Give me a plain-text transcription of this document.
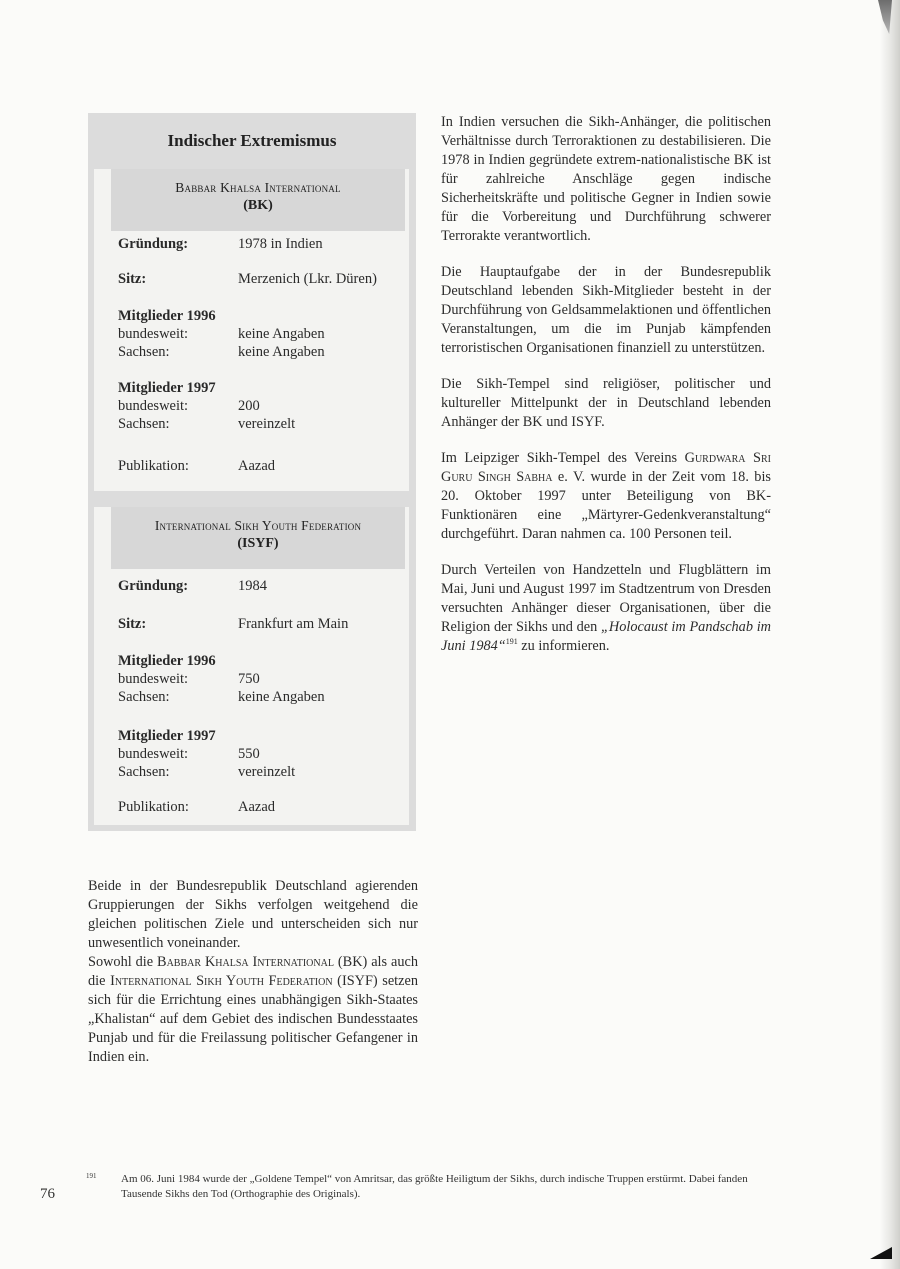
Indischer Extremismus
Babbar Khalsa International
(BK)
Gründung:	1978 in Indien
Sitz:	Merzenich (Lkr. Düren)
Mitglieder 1996
bundesweit:	keine Angaben
Sachsen:	keine Angaben
Mitglieder 1997
bundesweit:	200
Sachsen:	vereinzelt
Publikation:	Aazad
International Sikh Youth Federation
(ISYF)
Gründung:	1984
Sitz:	Frankfurt am Main
Mitglieder 1996
bundesweit:	750
Sachsen:	keine Angaben
Mitglieder 1997
bundesweit:	550
Sachsen:	vereinzelt
Publikation:	Aazad

In Indien versuchen die Sikh-Anhänger, die politischen Verhältnisse durch Terroraktionen zu destabilisieren. Die 1978 in Indien gegründete extrem-nationalistische BK ist für zahlreiche Anschläge gegen indische Sicherheitskräfte und politische Gegner in Indien sowie für die Vorbereitung und Durchführung schwerer Terrorakte verantwortlich.

Die Hauptaufgabe der in der Bundesrepublik Deutschland lebenden Sikh-Mitglieder besteht in der Durchführung von Geldsammelaktionen und öffentlichen Veranstaltungen, um die im Punjab kämpfenden terroristischen Organisationen finanziell zu unterstützen.

Die Sikh-Tempel sind religiöser, politischer und kultureller Mittelpunkt der in Deutschland lebenden Anhänger der BK und ISYF.

Im Leipziger Sikh-Tempel des Vereins Gurdwara Sri Guru Singh Sabha e. V. wurde in der Zeit vom 18. bis 20. Oktober 1997 unter Beteiligung von BK-Funktionären eine „Märtyrer-Gedenkveranstaltung“ durchgeführt. Daran nahmen ca. 100 Personen teil.

Durch Verteilen von Handzetteln und Flugblättern im Mai, Juni und August 1997 im Stadtzentrum von Dresden versuchten Anhänger dieser Organisationen, über die Religion der Sikhs und den „Holocaust im Pandschab im Juni 1984“$^{191}$ zu informieren.

Beide in der Bundesrepublik Deutschland agierenden Gruppierungen der Sikhs verfolgen weitgehend die gleichen politischen Ziele und unterscheiden sich nur unwesentlich voneinander.

Sowohl die Babbar Khalsa International (BK) als auch die International Sikh Youth Federation (ISYF) setzen sich für die Errichtung eines unabhängigen Sikh-Staates „Khalistan“ auf dem Gebiet des indischen Bundesstaates Punjab und für die Freilassung politischer Gefangener in Indien ein.

191 Am 06. Juni 1984 wurde der „Goldene Tempel“ von Amritsar, das größte Heiligtum der Sikhs, durch indische Truppen erstürmt. Dabei fanden Tausende Sikhs den Tod (Orthographie des Originals).
76
